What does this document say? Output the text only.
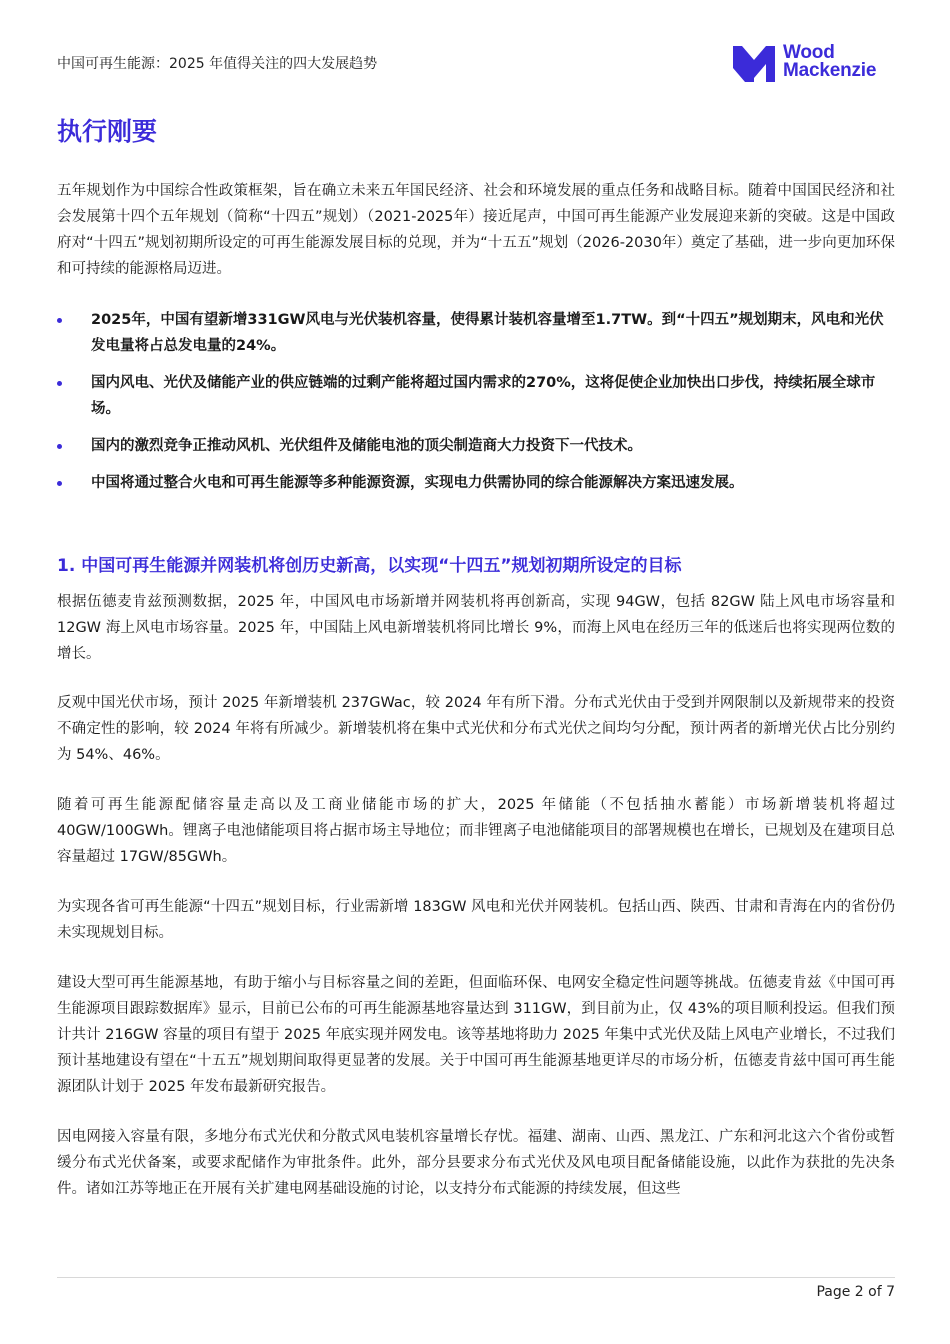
中国可再生能源：2025 年值得关注的四大发展趋势
Wood
Mackenzie
执行刚要

五年规划作为中国综合性政策框架，旨在确立未来五年国民经济、社会和环境发展的重点任务和战略目标。随着中国国民经济和社会发展第十四个五年规划（简称“十四五”规划）（2021-2025年）接近尾声，中国可再生能源产业发展迎来新的突破。这是中国政府对“十四五”规划初期所设定的可再生能源发展目标的兑现，并为“十五五”规划（2026-2030年）奠定了基础，进一步向更加环保和可持续的能源格局迈进。

2025年，中国有望新增331GW风电与光伏装机容量，使得累计装机容量增至1.7TW。到“十四五”规划期末，风电和光伏发电量将占总发电量的24%。
国内风电、光伏及储能产业的供应链端的过剩产能将超过国内需求的270%，这将促使企业加快出口步伐，持续拓展全球市场。
国内的激烈竞争正推动风机、光伏组件及储能电池的顶尖制造商大力投资下一代技术。
中国将通过整合火电和可再生能源等多种能源资源，实现电力供需协同的综合能源解决方案迅速发展。
1. 中国可再生能源并网装机将创历史新高，以实现“十四五”规划初期所设定的目标

根据伍德麦肯兹预测数据，2025 年，中国风电市场新增并网装机将再创新高，实现 94GW，包括 82GW 陆上风电市场容量和 12GW 海上风电市场容量。2025 年，中国陆上风电新增装机将同比增长 9%，而海上风电在经历三年的低迷后也将实现两位数的增长。

反观中国光伏市场，预计 2025 年新增装机 237GWac，较 2024 年有所下滑。分布式光伏由于受到并网限制以及新规带来的投资不确定性的影响，较 2024 年将有所减少。新增装机将在集中式光伏和分布式光伏之间均匀分配，预计两者的新增光伏占比分别约为 54%、46%。

随着可再生能源配储容量走高以及工商业储能市场的扩大，2025 年储能（不包括抽水蓄能）市场新增装机将超过40GW/100GWh。锂离子电池储能项目将占据市场主导地位；而非锂离子电池储能项目的部署规模也在增长，已规划及在建项目总容量超过 17GW/85GWh。

为实现各省可再生能源“十四五”规划目标，行业需新增 183GW 风电和光伏并网装机。包括山西、陕西、甘肃和青海在内的省份仍未实现规划目标。

建设大型可再生能源基地，有助于缩小与目标容量之间的差距，但面临环保、电网安全稳定性问题等挑战。伍德麦肯兹《中国可再生能源项目跟踪数据库》显示，目前已公布的可再生能源基地容量达到 311GW，到目前为止，仅 43%的项目顺利投运。但我们预计共计 216GW 容量的项目有望于 2025 年底实现并网发电。该等基地将助力 2025 年集中式光伏及陆上风电产业增长，不过我们预计基地建设有望在“十五五”规划期间取得更显著的发展。关于中国可再生能源基地更详尽的市场分析，伍德麦肯兹中国可再生能源团队计划于 2025 年发布最新研究报告。

因电网接入容量有限，多地分布式光伏和分散式风电装机容量增长存忧。福建、湖南、山西、黑龙江、广东和河北这六个省份或暂缓分布式光伏备案，或要求配储作为审批条件。此外，部分县要求分布式光伏及风电项目配备储能设施，以此作为获批的先决条件。诸如江苏等地正在开展有关扩建电网基础设施的讨论，以支持分布式能源的持续发展，但这些

Page 2 of 7
